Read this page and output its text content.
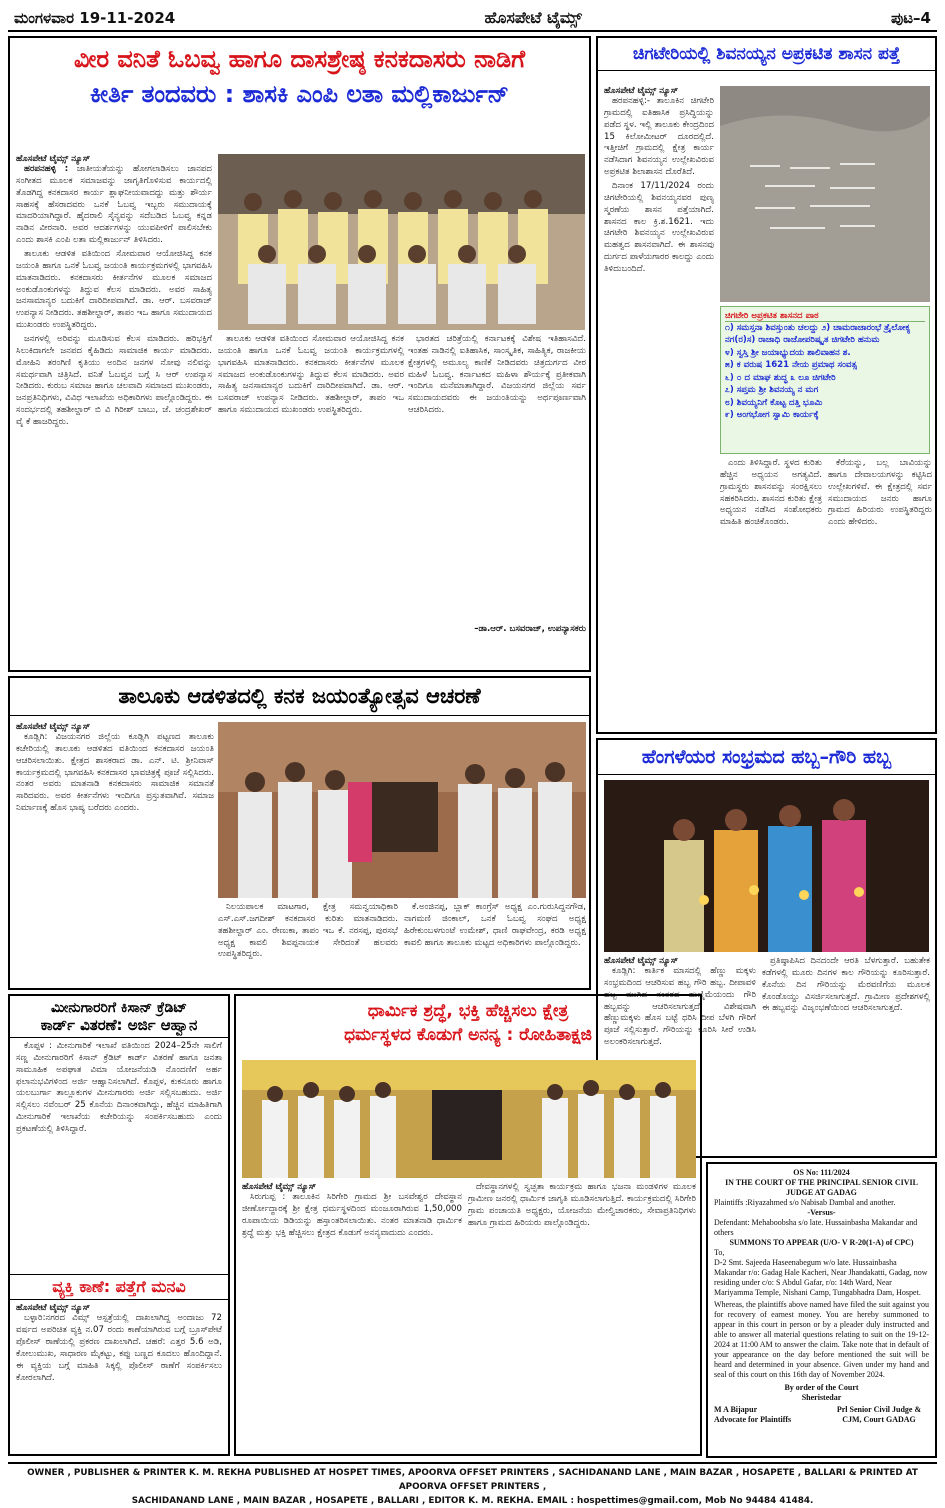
ಮಂಗಳವಾರ 19-11-2024	ಹೊಸಪೇಟೆ ಟೈಮ್ಸ್	ಪುಟ–4
ವೀರ ವನಿತೆ ಓಬವ್ವ ಹಾಗೂ ದಾಸಶ್ರೇಷ್ಠ ಕನಕದಾಸರು ನಾಡಿಗೆ
ಕೀರ್ತಿ ತಂದವರು : ಶಾಸಕಿ ಎಂಪಿ ಲತಾ ಮಲ್ಲಿಕಾರ್ಜುನ್
ಹೊಸಪೇಟೆ ಟೈಮ್ಸ್ ನ್ಯೂಸ್

ಹರಪನಹಳ್ಳಿ : ಜಾತೀಯತೆಯನ್ನು ಹೋಗಲಾಡಿಸಲು ಜಾನಪದ ಸಂಗೀತದ ಮೂಲಕ ಸಮಾಜವನ್ನು ಜಾಗೃತಿಗೊಳಿಸುವ ಕಾರ್ಯದಲ್ಲಿ ತೊಡಗಿದ್ದ ಕನಕದಾಸರ ಕಾರ್ಯ ಶ್ಲಾಘನೀಯವಾದದ್ದು ಮತ್ತು ಶೌರ್ಯ ಸಾಹಸಕ್ಕೆ ಹೆಸರಾದವರು ಒನಕೆ ಓಬವ್ವ ಇಬ್ಬರು ಸಮುದಾಯಕ್ಕೆ ಮಾದರಿಯಾಗಿದ್ದಾರೆ. ಹೈದರಾಲಿ ಸೈನ್ಯವನ್ನು ಸದೆಬಡಿದ ಓಬವ್ವ ಕನ್ನಡ ನಾಡಿನ ವೀರನಾರಿ. ಅವರ ಆದರ್ಶಗಳನ್ನು ಯುವಪೀಳಿಗೆ ಪಾಲಿಸಬೇಕು ಎಂದು ಶಾಸಕಿ ಎಂಪಿ ಲತಾ ಮಲ್ಲಿಕಾರ್ಜುನ್ ತಿಳಿಸಿದರು.

ತಾಲೂಕು ಆಡಳಿತ ವತಿಯಿಂದ ಸೋಮವಾರ ಆಯೋಜಿಸಿದ್ದ ಕನಕ ಜಯಂತಿ ಹಾಗೂ ಒನಕೆ ಓಬವ್ವ ಜಯಂತಿ ಕಾರ್ಯಕ್ರಮಗಳಲ್ಲಿ ಭಾಗವಹಿಸಿ ಮಾತನಾಡಿದರು. ಕನಕದಾಸರು ಕೀರ್ತನೆಗಳ ಮೂಲಕ ಸಮಾಜದ ಅಂಕುಡೊಂಕುಗಳನ್ನು ತಿದ್ದುವ ಕೆಲಸ ಮಾಡಿದರು. ಅವರ ಸಾಹಿತ್ಯ ಜನಸಾಮಾನ್ಯರ ಬದುಕಿಗೆ ದಾರಿದೀಪವಾಗಿದೆ. ಡಾ. ಆರ್. ಬಸವರಾಜ್ ಉಪನ್ಯಾಸ ನೀಡಿದರು. ತಹಶೀಲ್ದಾರ್, ತಾಪಂ ಇಒ ಹಾಗೂ ಸಮುದಾಯದ ಮುಖಂಡರು ಉಪಸ್ಥಿತರಿದ್ದರು.

ಜನಗಳಲ್ಲಿ ಅರಿವನ್ನು ಮೂಡಿಸುವ ಕೆಲಸ ಮಾಡಿದರು. ಹರಿಭಕ್ತಿಗೆ ಸಿಲುಕಿದಾಗಲೇ ಜನಪದ ಕೈಹಿಡಿದು ಸಾಮಾಜಿಕ ಕಾರ್ಯ ಮಾಡಿದರು. ಮೋಹಿನಿ ತರಂಗಿಣಿ ಕೃತಿಯು ಅಂದಿನ ಜನಗಳ ನೋವು ನಲಿವನ್ನು ಸಮರ್ಥವಾಗಿ ಚಿತ್ರಿಸಿದೆ. ವನಿತೆ ಓಬವ್ವನ ಬಗ್ಗೆ ಸಿ ಆರ್ ಉಪನ್ಯಾಸ ನೀಡಿದರು. ಕುರುಬ ಸಮಾಜ ಹಾಗೂ ಚಲವಾದಿ ಸಮಾಜದ ಮುಖಂಡರು, ಜನಪ್ರತಿನಿಧಿಗಳು, ವಿವಿಧ ಇಲಾಖೆಯ ಅಧಿಕಾರಿಗಳು ಪಾಲ್ಗೊಂಡಿದ್ದರು. ಈ ಸಂದರ್ಭದಲ್ಲಿ ತಹಶೀಲ್ದಾರ್ ಬಿ ವಿ ಗಿರೀಶ್ ಬಾಬು, ಜೆ. ಚಂದ್ರಶೇಖರ್ ವೈ ಕೆ ಹಾಜರಿದ್ದರು.

ತಾಲೂಕು ಆಡಳಿತ ವತಿಯಿಂದ ಸೋಮವಾರ ಆಯೋಜಿಸಿದ್ದ ಕನಕ ಜಯಂತಿ ಹಾಗೂ ಒನಕೆ ಓಬವ್ವ ಜಯಂತಿ ಕಾರ್ಯಕ್ರಮಗಳಲ್ಲಿ ಭಾಗವಹಿಸಿ ಮಾತನಾಡಿದರು. ಕನಕದಾಸರು ಕೀರ್ತನೆಗಳ ಮೂಲಕ ಸಮಾಜದ ಅಂಕುಡೊಂಕುಗಳನ್ನು ತಿದ್ದುವ ಕೆಲಸ ಮಾಡಿದರು. ಅವರ ಸಾಹಿತ್ಯ ಜನಸಾಮಾನ್ಯರ ಬದುಕಿಗೆ ದಾರಿದೀಪವಾಗಿದೆ. ಡಾ. ಆರ್. ಬಸವರಾಜ್ ಉಪನ್ಯಾಸ ನೀಡಿದರು. ತಹಶೀಲ್ದಾರ್, ತಾಪಂ ಇಒ ಹಾಗೂ ಸಮುದಾಯದ ಮುಖಂಡರು ಉಪಸ್ಥಿತರಿದ್ದರು.

ಭಾರತದ ಚರಿತ್ರೆಯಲ್ಲಿ ಕರ್ನಾಟಕಕ್ಕೆ ವಿಶೇಷ ಇತಿಹಾಸವಿದೆ. ಇಂತಹ ನಾಡಿನಲ್ಲಿ ಐತಿಹಾಸಿಕ, ಸಾಂಸ್ಕೃತಿಕ, ಸಾಹಿತ್ಯಿಕ, ರಾಜಕೀಯ ಕ್ಷೇತ್ರಗಳಲ್ಲಿ ಅಮೂಲ್ಯ ಕಾಣಿಕೆ ನೀಡಿದವರು ಚಿತ್ರದುರ್ಗದ ವೀರ ಮಹಿಳೆ ಓಬವ್ವ. ಕರ್ನಾಟಕದ ಮಹಿಳಾ ಶೌರ್ಯಕ್ಕೆ ಪ್ರತೀಕವಾಗಿ ಇಂದಿಗೂ ಮನೆಮಾತಾಗಿದ್ದಾರೆ. ವಿಜಯನಗರ ಜಿಲ್ಲೆಯ ಸರ್ವ ಸಮುದಾಯದವರು ಈ ಜಯಂತಿಯನ್ನು ಅರ್ಥಪೂರ್ಣವಾಗಿ ಆಚರಿಸಿದರು.

–ಡಾ.ಆರ್. ಬಸವರಾಜ್, ಉಪನ್ಯಾಸಕರು
ಚಿಗಟೇರಿಯಲ್ಲಿ ಶಿವನಯ್ಯನ ಅಪ್ರಕಟಿತ ಶಾಸನ ಪತ್ತೆ
ಹೊಸಪೇಟೆ ಟೈಮ್ಸ್ ನ್ಯೂಸ್

ಹರಪನಹಳ್ಳಿ:- ತಾಲೂಕಿನ ಚಿಗಟೇರಿ ಗ್ರಾಮದಲ್ಲಿ ಐತಿಹಾಸಿಕ ಪ್ರಸಿದ್ಧಿಯನ್ನು ಪಡೆದ ಸ್ಥಳ. ಇಲ್ಲಿ ತಾಲೂಕು ಕೇಂದ್ರದಿಂದ 15 ಕಿಲೋಮೀಟರ್ ದೂರದಲ್ಲಿದೆ. ಇತ್ತೀಚಿಗೆ ಗ್ರಾಮದಲ್ಲಿ ಕ್ಷೇತ್ರ ಕಾರ್ಯ ನಡೆಸಿದಾಗ ಶಿವನಯ್ಯನ ಉಲ್ಲೇಖವಿರುವ ಅಪ್ರಕಟಿತ ಶಿಲಾಶಾಸನ ದೊರೆತಿದೆ.

ದಿನಾಂಕ 17/11/2024 ರಂದು ಚಿಗಟೇರಿಯಲ್ಲಿ ಶಿವನಯ್ಯನವರ ಪುಣ್ಯ ಸ್ಮರಣೆಯ ಶಾಸನ ಪತ್ತೆಯಾಗಿದೆ. ಶಾಸನದ ಕಾಲ ಕ್ರಿ.ಶ.1621. ಇದು ಚಿಗಟೇರಿ ಶಿವನಯ್ಯನ ಉಲ್ಲೇಖವಿರುವ ಮಹತ್ವದ ಶಾಸನವಾಗಿದೆ. ಈ ಶಾಸನವು ದುರ್ಗದ ಪಾಳೆಯಗಾರರ ಕಾಲದ್ದು ಎಂದು ತಿಳಿದುಬಂದಿದೆ.

ಚಿಗಟೇರಿ ಅಪ್ರಕಟಿತ ಶಾಸನದ ಪಾಠ
೧) ಸಮಸ್ತನಾ ಶಿವಸ್ತುಂತು ಚಲದ್ದು ೨) ಚಾಮರಾಜಾರಂಭೆ ತ್ರೈಲೋಕ್ಯ
ನಗ(ರ)ಸ) ರಾಜಾಧಿ ರಾಜೋಪರಿಷ್ಕೃತ ಚಿಗಟೇರಿ ಹನುಮ
೪) ಸ್ವಸ್ತಿ ಶ್ರೀ ಜಯಾಭ್ಯುದಯ ಶಾಲಿವಾಹನ ಶ.
೫) ಕ ವರುಷ 1621 ನೇಯ ಪ್ರಮಾಥ ಸಂವತ್ಸ
೬) ೦ ದ ಮಾಘ ಶುದ್ಧ ೩ ಲೂ ಚಿಗಟೇರಿ
೭) ಸಪ್ತಮ ಶ್ರೀ ಶಿವನಯ್ಯ ನ ಮಗ
೮) ಶಿವಯ್ಯನಿಗೆ ಕೊಟ್ಟ ದತ್ತಿ ಭೂಮಿ
೯) ಅಂಗಭೋಗ ಸ್ವಾಮಿ ಕಾರ್ಯಕ್ಕೆ

ಎಂದು ತಿಳಿಸಿದ್ದಾರೆ. ಸ್ಥಳದ ಕುರಿತು ಹೆಚ್ಚಿನ ಅಧ್ಯಯನ ಅಗತ್ಯವಿದೆ. ಗ್ರಾಮಸ್ಥರು ಶಾಸನವನ್ನು ಸಂರಕ್ಷಿಸಲು ಸಹಕರಿಸಿದರು. ಶಾಸನದ ಕುರಿತು ಕ್ಷೇತ್ರ ಅಧ್ಯಯನ ನಡೆಸಿದ ಸಂಶೋಧಕರು ಮಾಹಿತಿ ಹಂಚಿಕೊಂಡರು.

ಕೆರೆಯನ್ನು, ಬಲ್ಲ ಬಾವಿಯನ್ನು ಹಾಗೂ ದೇವಾಲಯಗಳನ್ನು ಕಟ್ಟಿಸಿದ ಉಲ್ಲೇಖಗಳಿವೆ. ಈ ಕ್ಷೇತ್ರದಲ್ಲಿ ಸರ್ವ ಸಮುದಾಯದ ಜನರು ಹಾಗೂ ಗ್ರಾಮದ ಹಿರಿಯರು ಉಪಸ್ಥಿತರಿದ್ದರು ಎಂದು ಹೇಳಿದರು.

ತಾಲೂಕು ಆಡಳಿತದಲ್ಲಿ ಕನಕ ಜಯಂತ್ಯೋತ್ಸವ ಆಚರಣೆ
ಹೊಸಪೇಟೆ ಟೈಮ್ಸ್ ನ್ಯೂಸ್

ಕೂಡ್ಲಿಗಿ: ವಿಜಯನಗರ ಜಿಲ್ಲೆಯ ಕೂಡ್ಲಿಗಿ ಪಟ್ಟಣದ ತಾಲೂಕು ಕಚೇರಿಯಲ್ಲಿ ತಾಲೂಕು ಆಡಳಿತದ ವತಿಯಿಂದ ಕನಕದಾಸರ ಜಯಂತಿ ಆಚರಿಸಲಾಯಿತು. ಕ್ಷೇತ್ರದ ಶಾಸಕರಾದ ಡಾ. ಎನ್. ಟಿ. ಶ್ರೀನಿವಾಸ್ ಕಾರ್ಯಕ್ರಮದಲ್ಲಿ ಭಾಗವಹಿಸಿ ಕನಕದಾಸರ ಭಾವಚಿತ್ರಕ್ಕೆ ಪೂಜೆ ಸಲ್ಲಿಸಿದರು. ನಂತರ ಅವರು ಮಾತನಾಡಿ ಕನಕದಾಸರು ಸಾಮಾಜಿಕ ಸಮಾನತೆ ಸಾರಿದವರು. ಅವರ ಕೀರ್ತನೆಗಳು ಇಂದಿಗೂ ಪ್ರಸ್ತುತವಾಗಿವೆ. ಸಮಾಜ ನಿರ್ಮಾಣಕ್ಕೆ ಹೊಸ ಭಾಷ್ಯ ಬರೆದರು ಎಂದರು.

ನಿಲಯಪಾಲಕ ಮಾಟಗಾರ, ಕ್ಷೇತ್ರ ಸಮನ್ವಯಾಧಿಕಾರಿ ಎಸ್.ಎಸ್.ಜಗದೀಶ್ ಕನಕದಾಸರ ಕುರಿತು ಮಾತನಾಡಿದರು. ತಹಶೀಲ್ದಾರ್ ಎಂ. ರೇಣುಕಾ, ತಾಪಂ ಇಒ ಕೆ. ನರಸಪ್ಪ, ಪುರಸಭೆ ಅಧ್ಯಕ್ಷ ಕಾವಲಿ ಶಿವಪ್ಪನಾಯಕ ಸೇರಿದಂತೆ ಹಲವರು ಉಪಸ್ಥಿತರಿದ್ದರು.

ಕೆ.ಅಂಜಿನಪ್ಪ, ಬ್ಲಾಕ್ ಕಾಂಗ್ರೆಸ್ ಅಧ್ಯಕ್ಷ ಎಂ.ಗುರುಸಿದ್ದನಗೌಡ, ನಾಗಮಣಿ ಜಿಂಕಾಲ್, ಒನಕೆ ಓಬವ್ವ ಸಂಘದ ಅಧ್ಯಕ್ಷ ಹಿರೇಕುಂಬಳಗುಂಟೆ ಉಮೇಶ್, ಧಾಣಿ ರಾಘವೇಂದ್ರ, ಕರಡಿ ಅಧ್ಯಕ್ಷ ಕಾವಲಿ ಹಾಗೂ ತಾಲೂಕು ಮಟ್ಟದ ಅಧಿಕಾರಿಗಳು ಪಾಲ್ಗೊಂಡಿದ್ದರು.

ಹೆಂಗಳೆಯರ ಸಂಭ್ರಮದ ಹಬ್ಬ–ಗೌರಿ ಹಬ್ಬ
ಹೊಸಪೇಟೆ ಟೈಮ್ಸ್ ನ್ಯೂಸ್

ಕೂಡ್ಲಿಗಿ: ಕಾರ್ತಿಕ ಮಾಸದಲ್ಲಿ ಹೆಣ್ಣು ಮಕ್ಕಳು ಸಂಭ್ರಮದಿಂದ ಆಚರಿಸುವ ಹಬ್ಬ ಗೌರಿ ಹಬ್ಬ. ದೀಪಾವಳಿ ಹಬ್ಬ ಮುಗಿದ ನಂತರದ ಹುಣ್ಣಿಮೆಯಂದು ಗೌರಿ ಹಬ್ಬವನ್ನು ಆಚರಿಸಲಾಗುತ್ತದೆ. ವಿಶೇಷವಾಗಿ ಹೆಣ್ಣುಮಕ್ಕಳು ಹೊಸ ಬಟ್ಟೆ ಧರಿಸಿ ದೀಪ ಬೆಳಗಿ ಗೌರಿಗೆ ಪೂಜೆ ಸಲ್ಲಿಸುತ್ತಾರೆ. ಗೌರಿಯನ್ನು ಕೂರಿಸಿ ಸೀರೆ ಉಡಿಸಿ ಅಲಂಕರಿಸಲಾಗುತ್ತದೆ.

ಪ್ರತಿಷ್ಠಾಪಿಸಿದ ದಿನದಂದೇ ಆರತಿ ಬೆಳಗುತ್ತಾರೆ. ಬಹುತೇಕ ಕಡೆಗಳಲ್ಲಿ ಮೂರು ದಿನಗಳ ಕಾಲ ಗೌರಿಯನ್ನು ಕೂರಿಸುತ್ತಾರೆ. ಕೊನೆಯ ದಿನ ಗೌರಿಯನ್ನು ಮೆರವಣಿಗೆಯ ಮೂಲಕ ಕೊಂಡೊಯ್ದು ವಿಸರ್ಜಿಸಲಾಗುತ್ತದೆ. ಗ್ರಾಮೀಣ ಪ್ರದೇಶಗಳಲ್ಲಿ ಈ ಹಬ್ಬವನ್ನು ವಿಜೃಂಭಣೆಯಿಂದ ಆಚರಿಸಲಾಗುತ್ತದೆ.

OS No: 111/2024
IN THE COURT OF THE PRINCIPAL SENIOR CIVIL JUDGE AT GADAG
Plaintiffs :Riyazahmed s/o Nabisab Dambal and another.
-Versus-
Defendant: Mehaboobsha s/o late. Hussainbasha Makandar and others
SUMMONS TO APPEAR (U/O- V R-20(1-A) of CPC)
To,
D-2 Smt. Sajeeda Haseenabegum w/o late. Hussainbasha Makandar r/o: Gadag Hale Kacheri, Near Jhandakatti, Gadag, now residing under c/o: S Abdul Gafar, r/o: 14th Ward, Near Mariyamma Temple, Nishani Camp, Tungabhadra Dam, Hospet.
Whereas, the plaintiffs above named have filed the suit against you for recovery of earnest money. You are hereby summoned to appear in this court in person or by a pleader duly instructed and able to answer all material questions relating to suit on the 19-12-2024 at 11:00 AM to answer the claim. Take note that in default of your appearance on the day before mentioned the suit will be heard and determined in your absence. Given under my hand and seal of this court on this 16th day of November 2024.
By order of the Court
Sheristedar
M A Bijapur
Advocate for Plaintiffs
Prl Senior Civil Judge & CJM, Court GADAG
ಮೀನುಗಾರರಿಗೆ ಕಿಸಾನ್ ಕ್ರೆಡಿಟ್
ಕಾರ್ಡ್ ವಿತರಣೆ: ಅರ್ಜಿ ಆಹ್ವಾನ

ಕೊಪ್ಪಳ : ಮೀನುಗಾರಿಕೆ ಇಲಾಖೆ ವತಿಯಿಂದ 2024–25ನೇ ಸಾಲಿಗೆ ಸಣ್ಣ ಮೀನುಗಾರರಿಗೆ ಕಿಸಾನ್ ಕ್ರೆಡಿಟ್ ಕಾರ್ಡ್ ವಿತರಣೆ ಹಾಗೂ ಜನತಾ ಸಾಮೂಹಿಕ ಅಪಘಾತ ವಿಮಾ ಯೋಜನೆಯಡಿ ನೊಂದಣಿಗೆ ಅರ್ಹ ಫಲಾನುಭವಿಗಳಿಂದ ಅರ್ಜಿ ಆಹ್ವಾನಿಸಲಾಗಿದೆ. ಕೊಪ್ಪಳ, ಕುಕನೂರು ಹಾಗೂ ಯಲಬುರ್ಗಾ ತಾಲ್ಲೂಕುಗಳ ಮೀನುಗಾರರು ಅರ್ಜಿ ಸಲ್ಲಿಸಬಹುದು. ಅರ್ಜಿ ಸಲ್ಲಿಸಲು ನವೆಂಬರ್ 25 ಕೊನೆಯ ದಿನಾಂಕವಾಗಿದ್ದು, ಹೆಚ್ಚಿನ ಮಾಹಿತಿಗಾಗಿ ಮೀನುಗಾರಿಕೆ ಇಲಾಖೆಯ ಕಚೇರಿಯನ್ನು ಸಂಪರ್ಕಿಸಬಹುದು ಎಂದು ಪ್ರಕಟಣೆಯಲ್ಲಿ ತಿಳಿಸಿದ್ದಾರೆ.

ವ್ಯಕ್ತಿ ಕಾಣೆ: ಪತ್ತೆಗೆ ಮನವಿ
ಹೊಸಪೇಟೆ ಟೈಮ್ಸ್ ನ್ಯೂಸ್

ಬಳ್ಳಾರಿ:ನಗರದ ವಿಮ್ಸ್ ಆಸ್ಪತ್ರೆಯಲ್ಲಿ ದಾಖಲಾಗಿದ್ದ ಅಂದಾಜು 72 ವರ್ಷದ ಅಪರಿಚಿತ ವ್ಯಕ್ತಿ ನ.07 ರಂದು ಕಾಣೆಯಾಗಿರುವ ಬಗ್ಗೆ ಬ್ರೂಸ್‍ಪೇಟೆ ಪೊಲೀಸ್ ಠಾಣೆಯಲ್ಲಿ ಪ್ರಕರಣ ದಾಖಲಾಗಿದೆ. ಚಹರೆ: ಎತ್ತರ 5.6 ಅಡಿ, ಕೋಲುಮುಖ, ಸಾಧಾರಣ ಮೈಕಟ್ಟು, ಕಪ್ಪು ಬಣ್ಣದ ಕೂದಲು ಹೊಂದಿದ್ದಾನೆ. ಈ ವ್ಯಕ್ತಿಯ ಬಗ್ಗೆ ಮಾಹಿತಿ ಸಿಕ್ಕಲ್ಲಿ ಪೊಲೀಸ್ ಠಾಣೆಗೆ ಸಂಪರ್ಕಿಸಲು ಕೋರಲಾಗಿದೆ.

ಧಾರ್ಮಿಕ ಶ್ರದ್ಧೆ, ಭಕ್ತಿ ಹೆಚ್ಚಿಸಲು ಕ್ಷೇತ್ರ
ಧರ್ಮಸ್ಥಳದ ಕೊಡುಗೆ ಅನನ್ಯ : ರೋಹಿತಾಕ್ಷಜಿ
ಹೊಸಪೇಟೆ ಟೈಮ್ಸ್ ನ್ಯೂಸ್

ಸಿರುಗುಪ್ಪ : ತಾಲೂಕಿನ ಸಿರಿಗೇರಿ ಗ್ರಾಮದ ಶ್ರೀ ಬಸವೇಶ್ವರ ದೇವಸ್ಥಾನ ಜೀರ್ಣೋದ್ಧಾರಕ್ಕೆ ಶ್ರೀ ಕ್ಷೇತ್ರ ಧರ್ಮಸ್ಥಳದಿಂದ ಮಂಜೂರಾಗಿರುವ 1,50,000 ರೂಪಾಯಿಯ ಡಿಡಿಯನ್ನು ಹಸ್ತಾಂತರಿಸಲಾಯಿತು. ನಂತರ ಮಾತನಾಡಿ ಧಾರ್ಮಿಕ ಶ್ರದ್ಧೆ ಮತ್ತು ಭಕ್ತಿ ಹೆಚ್ಚಿಸಲು ಕ್ಷೇತ್ರದ ಕೊಡುಗೆ ಅನನ್ಯವಾದುದು ಎಂದರು.

ದೇವಸ್ಥಾನಗಳಲ್ಲಿ ಸ್ವಚ್ಛತಾ ಕಾರ್ಯಕ್ರಮ ಹಾಗೂ ಭಜನಾ ಮಂಡಳಿಗಳ ಮೂಲಕ ಗ್ರಾಮೀಣ ಜನರಲ್ಲಿ ಧಾರ್ಮಿಕ ಜಾಗೃತಿ ಮೂಡಿಸಲಾಗುತ್ತಿದೆ. ಕಾರ್ಯಕ್ರಮದಲ್ಲಿ ಸಿರಿಗೇರಿ ಗ್ರಾಮ ಪಂಚಾಯತಿ ಅಧ್ಯಕ್ಷರು, ಯೋಜನೆಯ ಮೇಲ್ವಿಚಾರಕರು, ಸೇವಾಪ್ರತಿನಿಧಿಗಳು ಹಾಗೂ ಗ್ರಾಮದ ಹಿರಿಯರು ಪಾಲ್ಗೊಂಡಿದ್ದರು.

OWNER , PUBLISHER & PRINTER K. M. REKHA PUBLISHED AT HOSPET TIMES, APOORVA OFFSET PRINTERS , SACHIDANAND LANE , MAIN BAZAR , HOSAPETE , BALLARI & PRINTED AT APOORVA OFFSET PRINTERS ,
SACHIDANAND LANE , MAIN BAZAR , HOSAPETE , BALLARI , EDITOR K. M. REKHA. EMAIL : hospettimes@gmail.com, Mob No 94484 41484.
